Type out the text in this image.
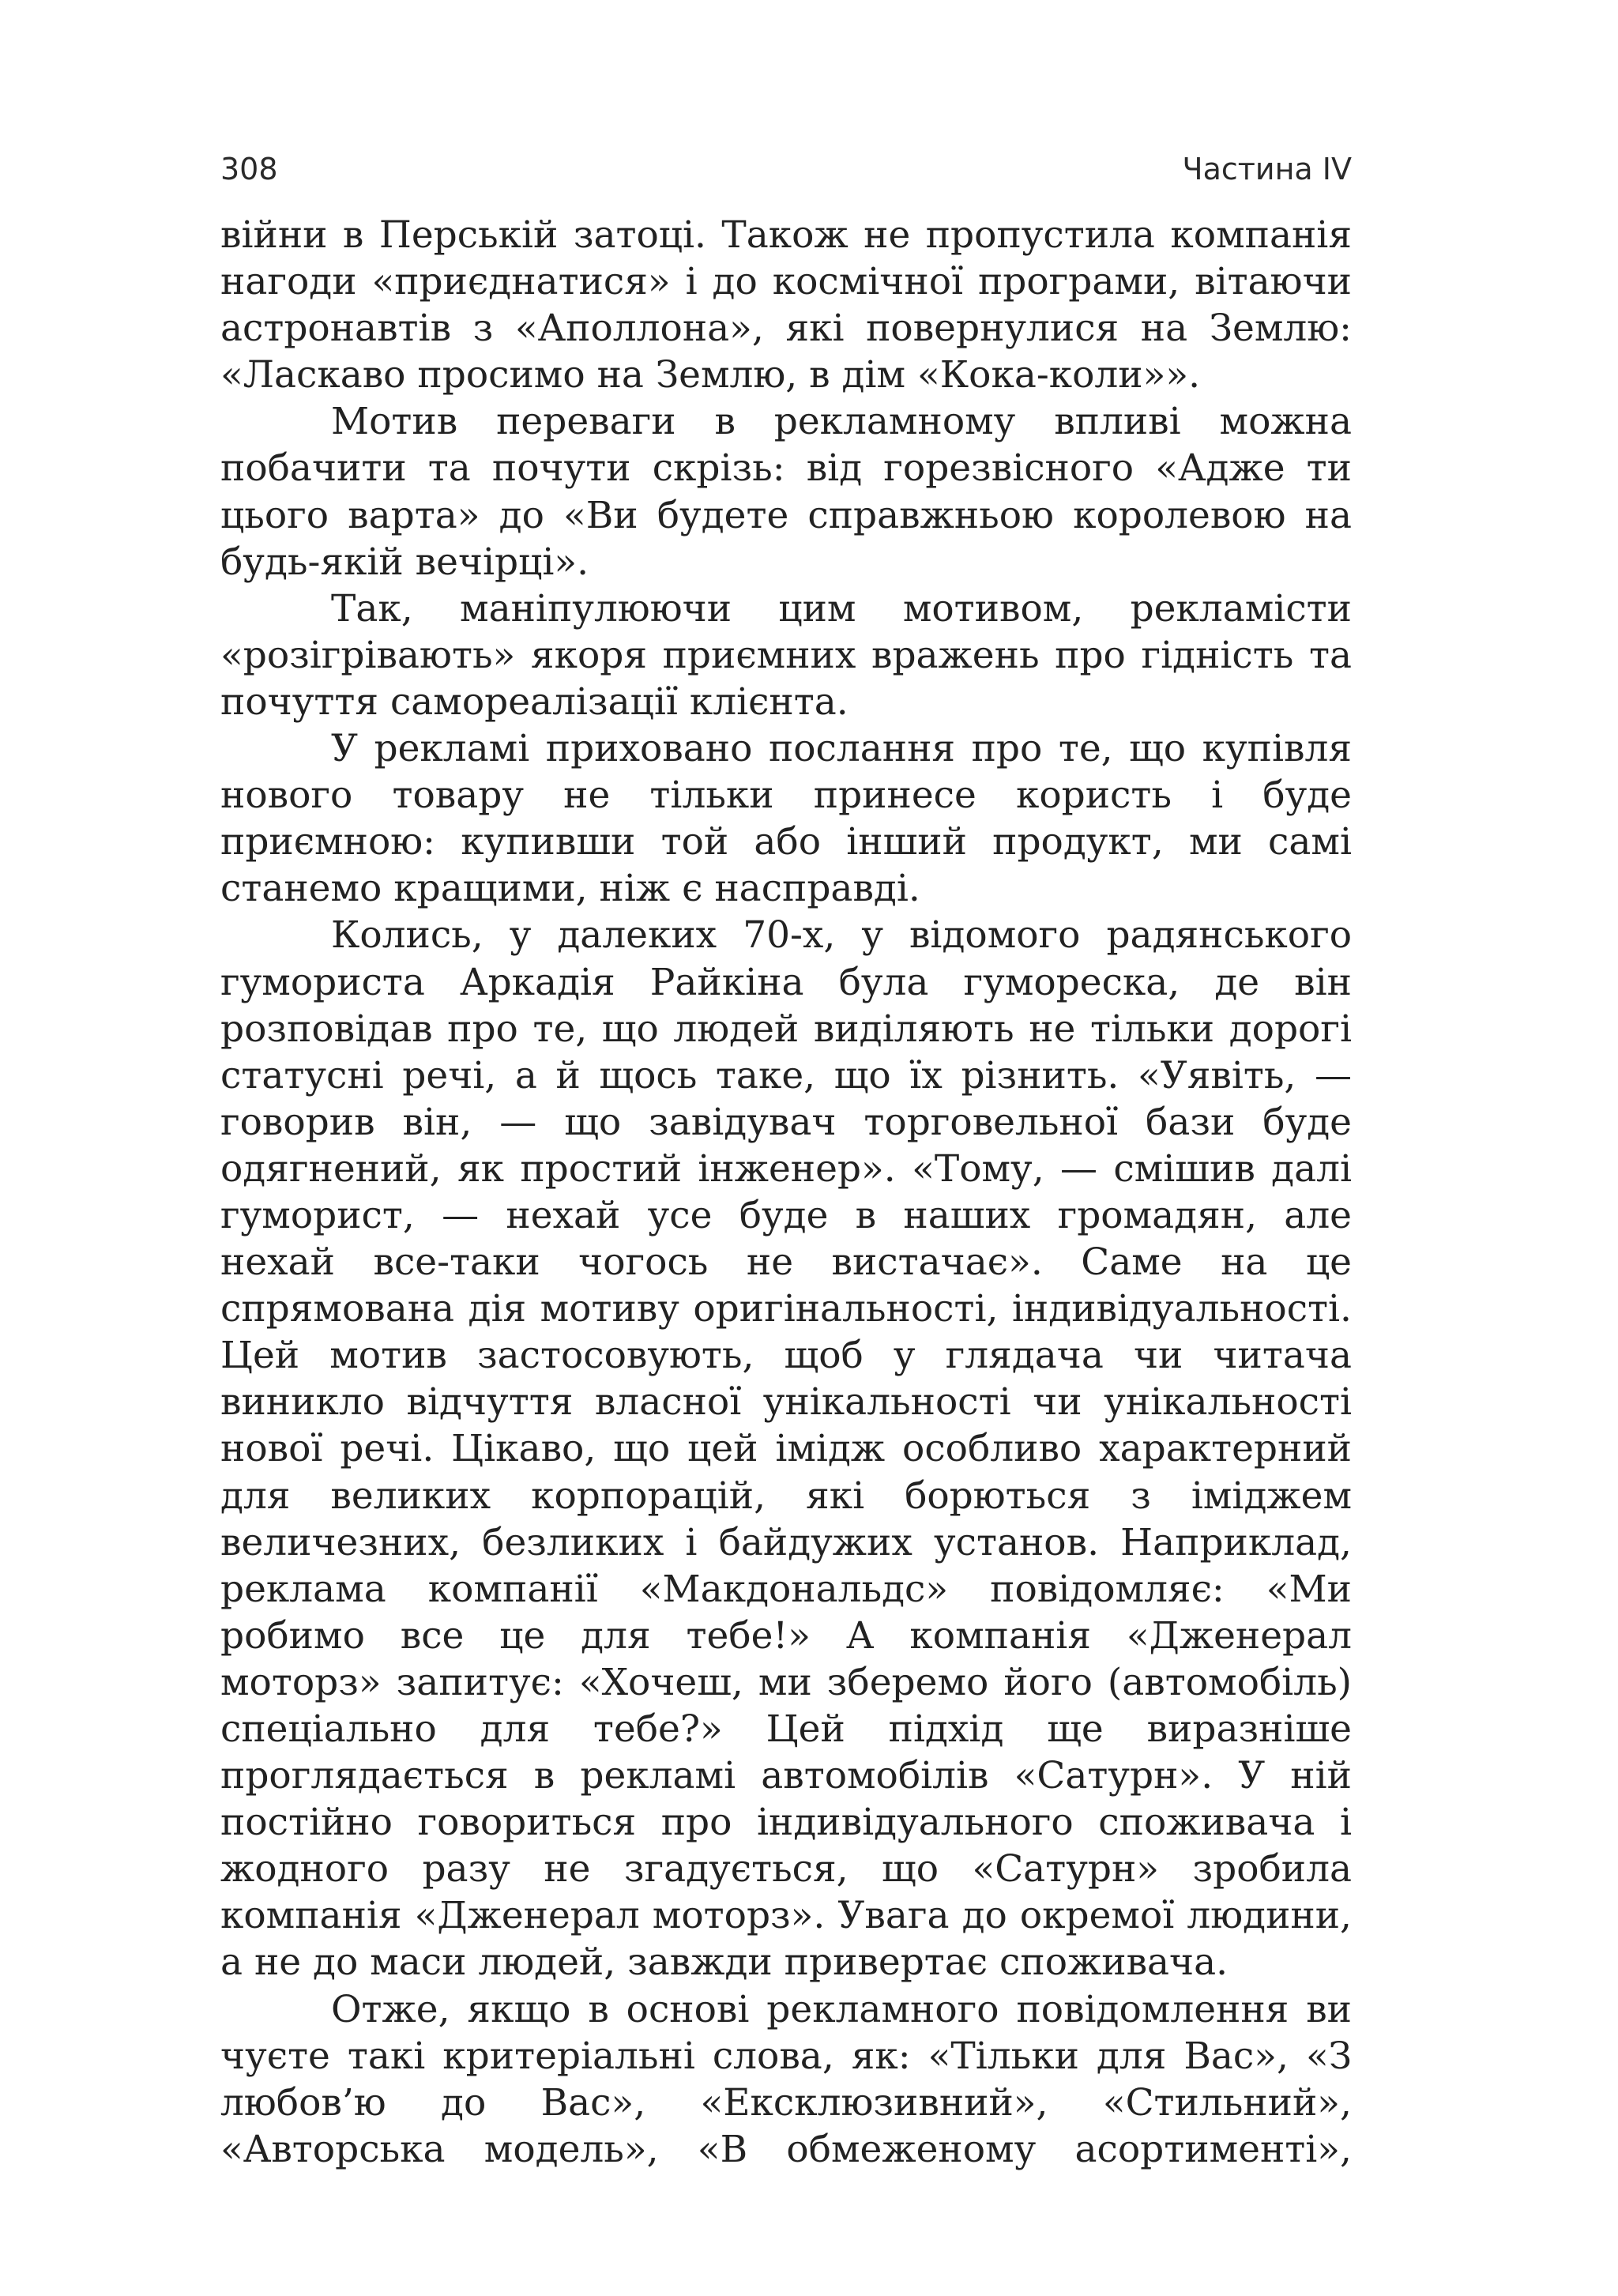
308	Частина IV

війни в Перській затоці. Також не пропустила компанія нагоди «приєднатися» і до космічної програми, вітаючи астронавтів з «Аполлона», які повернулися на Землю: «Ласкаво просимо на Землю, в дім «Кока-коли»».

Мотив переваги в рекламному впливі можна побачити та почути скрізь: від горезвісного «Адже ти цього варта» до «Ви будете справжньою королевою на будь-якій вечірці».

Так, маніпулюючи цим мотивом, рекламісти «розігрівають» якоря приємних вражень про гідність та почуття самореалізації клієнта.

У рекламі приховано послання про те, що купівля нового товару не тільки принесе користь і буде приємною: купивши той або інший продукт, ми самі станемо кращими, ніж є насправді.

Колись, у далеких 70-х, у відомого радянського гумориста Аркадія Райкіна була гумореска, де він розповідав про те, що людей виділяють не тільки дорогі статусні речі, а й щось таке, що їх різнить. «Уявіть, — говорив він, — що завідувач торговельної бази буде одягнений, як простий інженер». «Тому, — смішив далі гуморист, — нехай усе буде в наших громадян, але нехай все-таки чогось не вистачає». Саме на це спрямована дія мотиву оригінальності, індивідуальності. Цей мотив застосовують, щоб у глядача чи читача виникло відчуття власної унікальності чи унікальності нової речі. Цікаво, що цей імідж особливо характерний для великих корпорацій, які борються з іміджем величезних, безликих і байдужих установ. Наприклад, реклама компанії «Макдональдс» повідомляє: «Ми робимо все це для тебе!» А компанія «Дженерал моторз» запитує: «Хочеш, ми зберемо його (автомобіль) спеціально для тебе?» Цей підхід ще виразніше проглядається в рекламі автомобілів «Сатурн». У ній постійно говориться про індивідуального споживача і жодного разу не згадується, що «Сатурн» зробила компанія «Дженерал моторз». Увага до окремої людини, а не до маси людей, завжди привертає споживача.

Отже, якщо в основі рекламного повідомлення ви чуєте такі критеріальні слова, як: «Тільки для Вас», «З любов’ю до Вас», «Ексклюзивний», «Стильний», «Авторська модель», «В обмеженому асортименті»,
